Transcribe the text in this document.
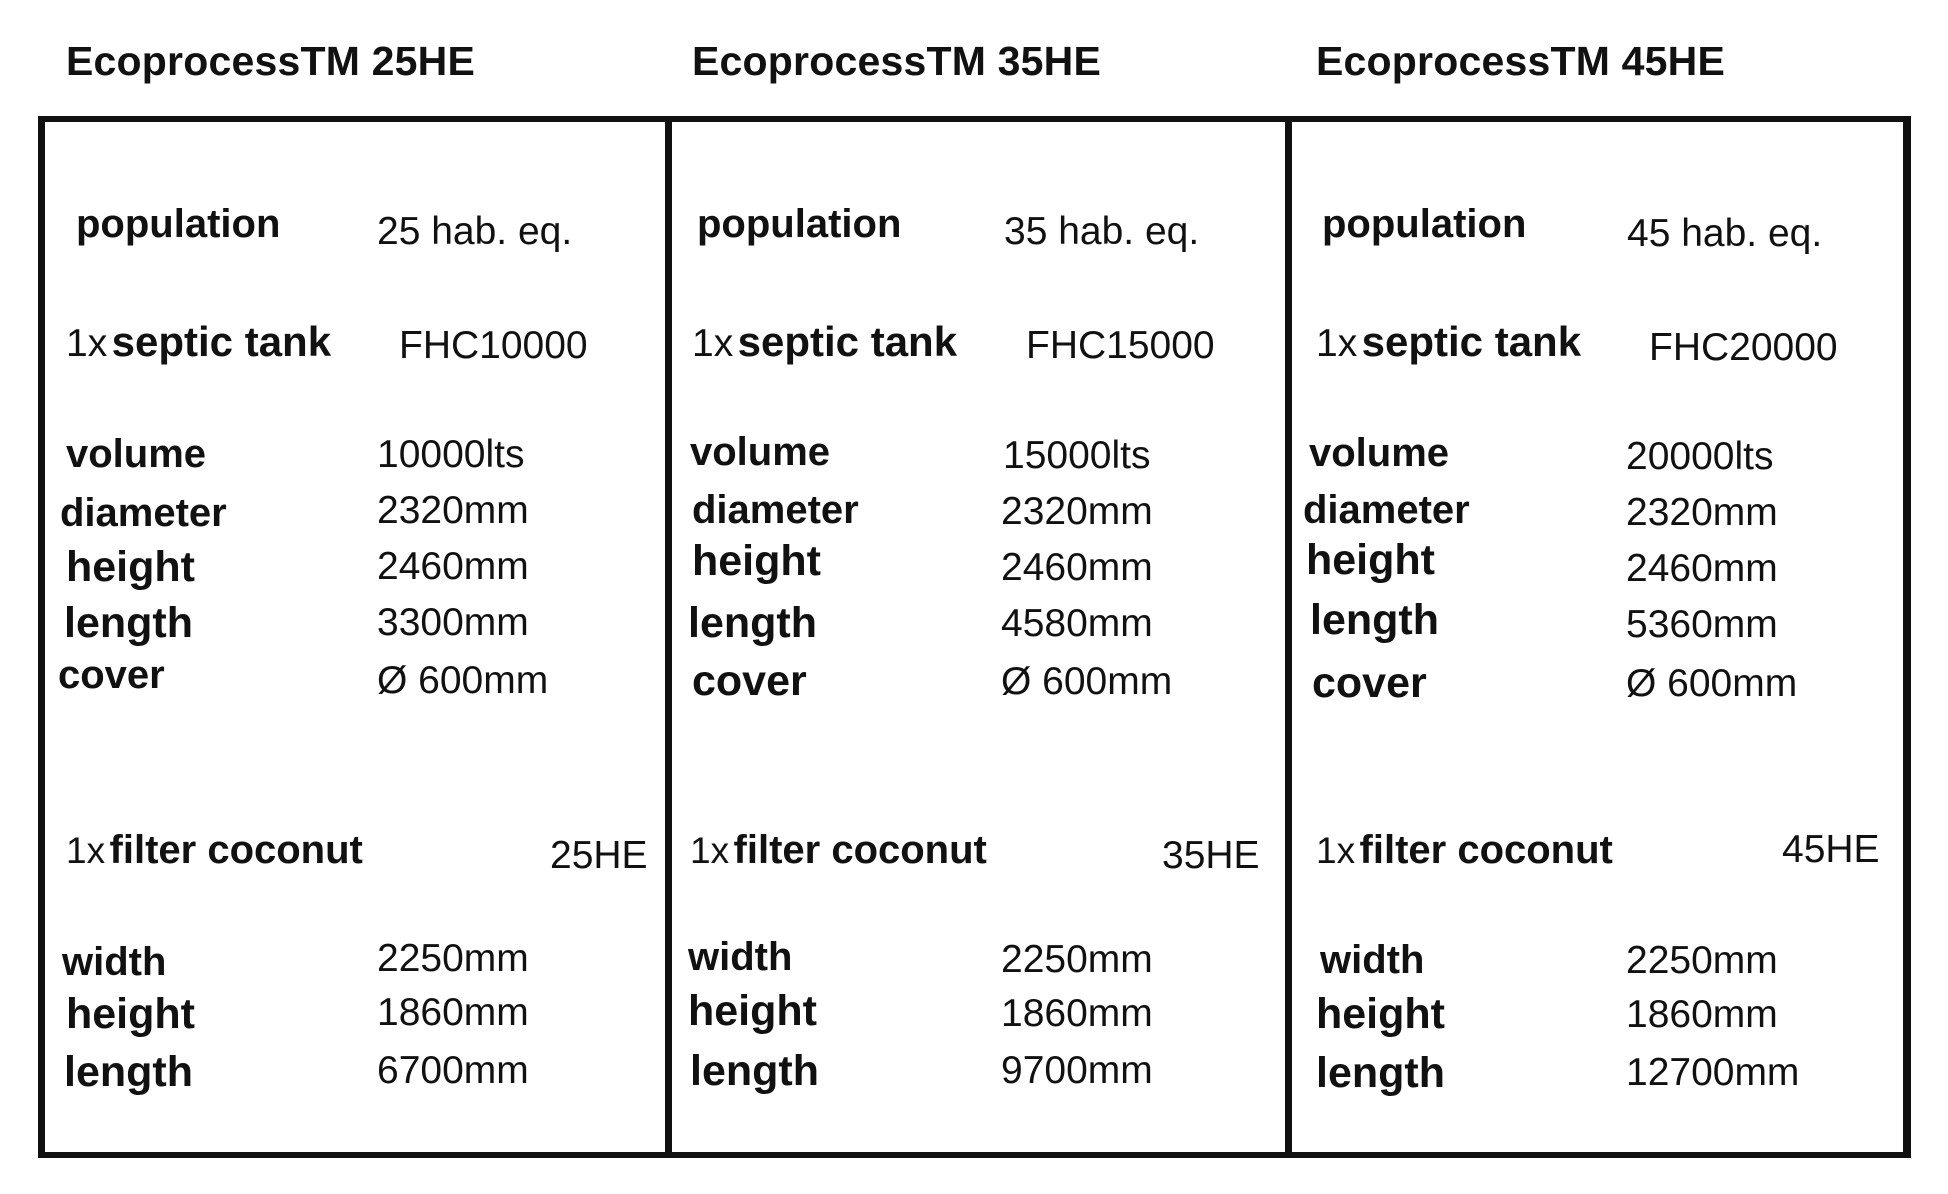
EcoprocessTM 25HE	EcoprocessTM 35HE	EcoprocessTM 45HE
population 25 hab. eq.
1x septic tank FHC10000
volume	10000lts
diameter	2320mm
height	2460mm
length	3300mm
cover	Ø 600mm
1x filter coconut	25HE
width	2250mm
height	1860mm
length	6700mm
population	35 hab. eq.
1x septic tank FHC15000
volume	15000lts
diameter	2320mm
height	2460mm
length	4580mm
cover	Ø 600mm
1x filter coconut	35HE
width	2250mm
height	1860mm
length	9700mm
population	45 hab. eq.
1x septic tank FHC20000
volume	20000lts
diameter	2320mm
height	2460mm
length	5360mm
cover	Ø 600mm
1x filter coconut	45HE
width	2250mm
height	1860mm
length	12700mm
